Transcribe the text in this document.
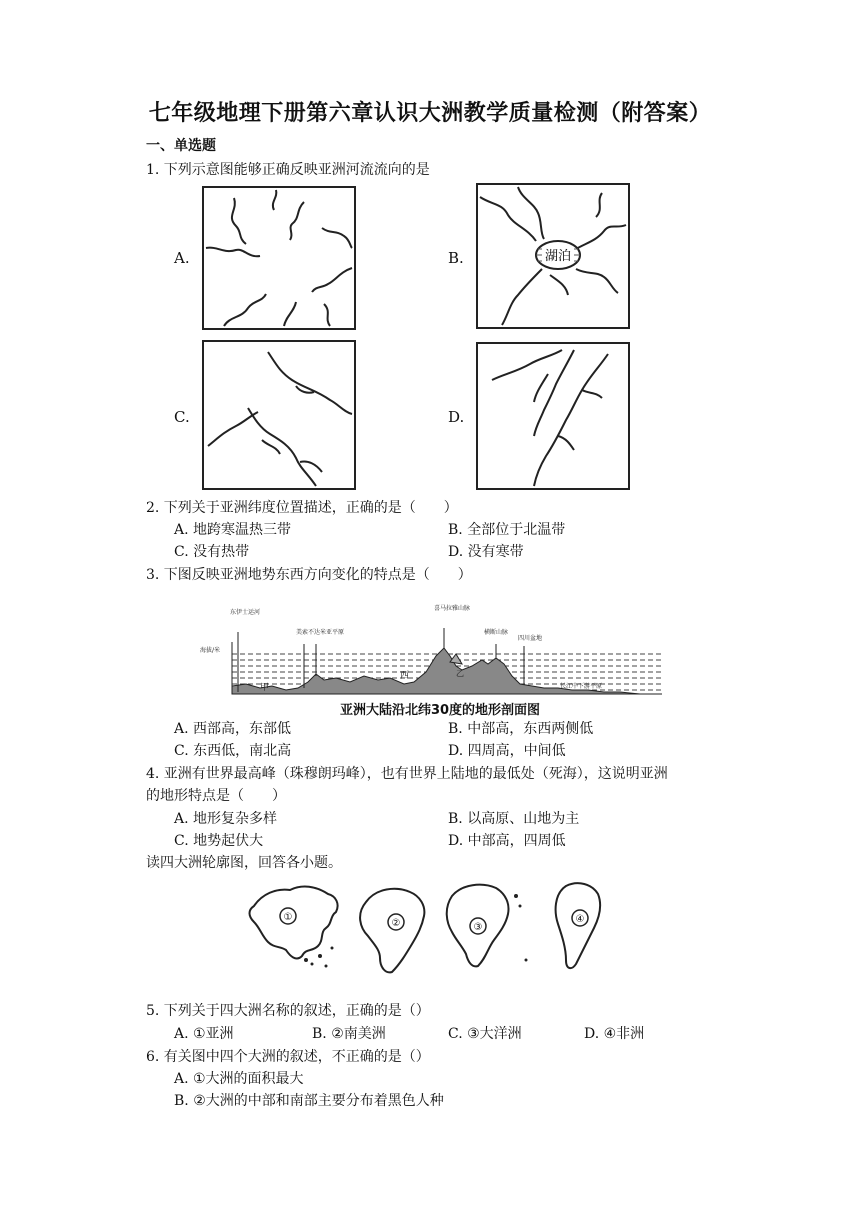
七年级地理下册第六章认识大洲教学质量检测（附答案）
一、单选题
1. 下列示意图能够正确反映亚洲河流流向的是
A.	B.	湖泊
C.	D.
2. 下列关于亚洲纬度位置描述，正确的是（　　）
A. 地跨寒温热三带	B. 全部位于北温带
C. 没有热带	D. 没有寒带
3. 下图反映亚洲地势东西方向变化的特点是（　　）
东伊士运河
海拔/米
美索不达米亚平原
喜马拉雅山脉
横断山脉
四川盆地
长江中下游平原
甲
西	乙
亚洲大陆沿北纬30度的地形剖面图
A. 西部高，东部低	B. 中部高，东西两侧低
C. 东西低，南北高	D. 四周高，中间低
4. 亚洲有世界最高峰（珠穆朗玛峰），也有世界上陆地的最低处（死海），这说明亚洲
的地形特点是（　　）
A. 地形复杂多样	B. 以高原、山地为主
C. 地势起伏大	D. 中部高，四周低
读四大洲轮廓图，回答各小题。
①
②	③
④
5. 下列关于四大洲名称的叙述，正确的是（）
A. ①亚洲	B. ②南美洲	C. ③大洋洲	D. ④非洲
6. 有关图中四个大洲的叙述，不正确的是（）
A. ①大洲的面积最大
B. ②大洲的中部和南部主要分布着黑色人种
